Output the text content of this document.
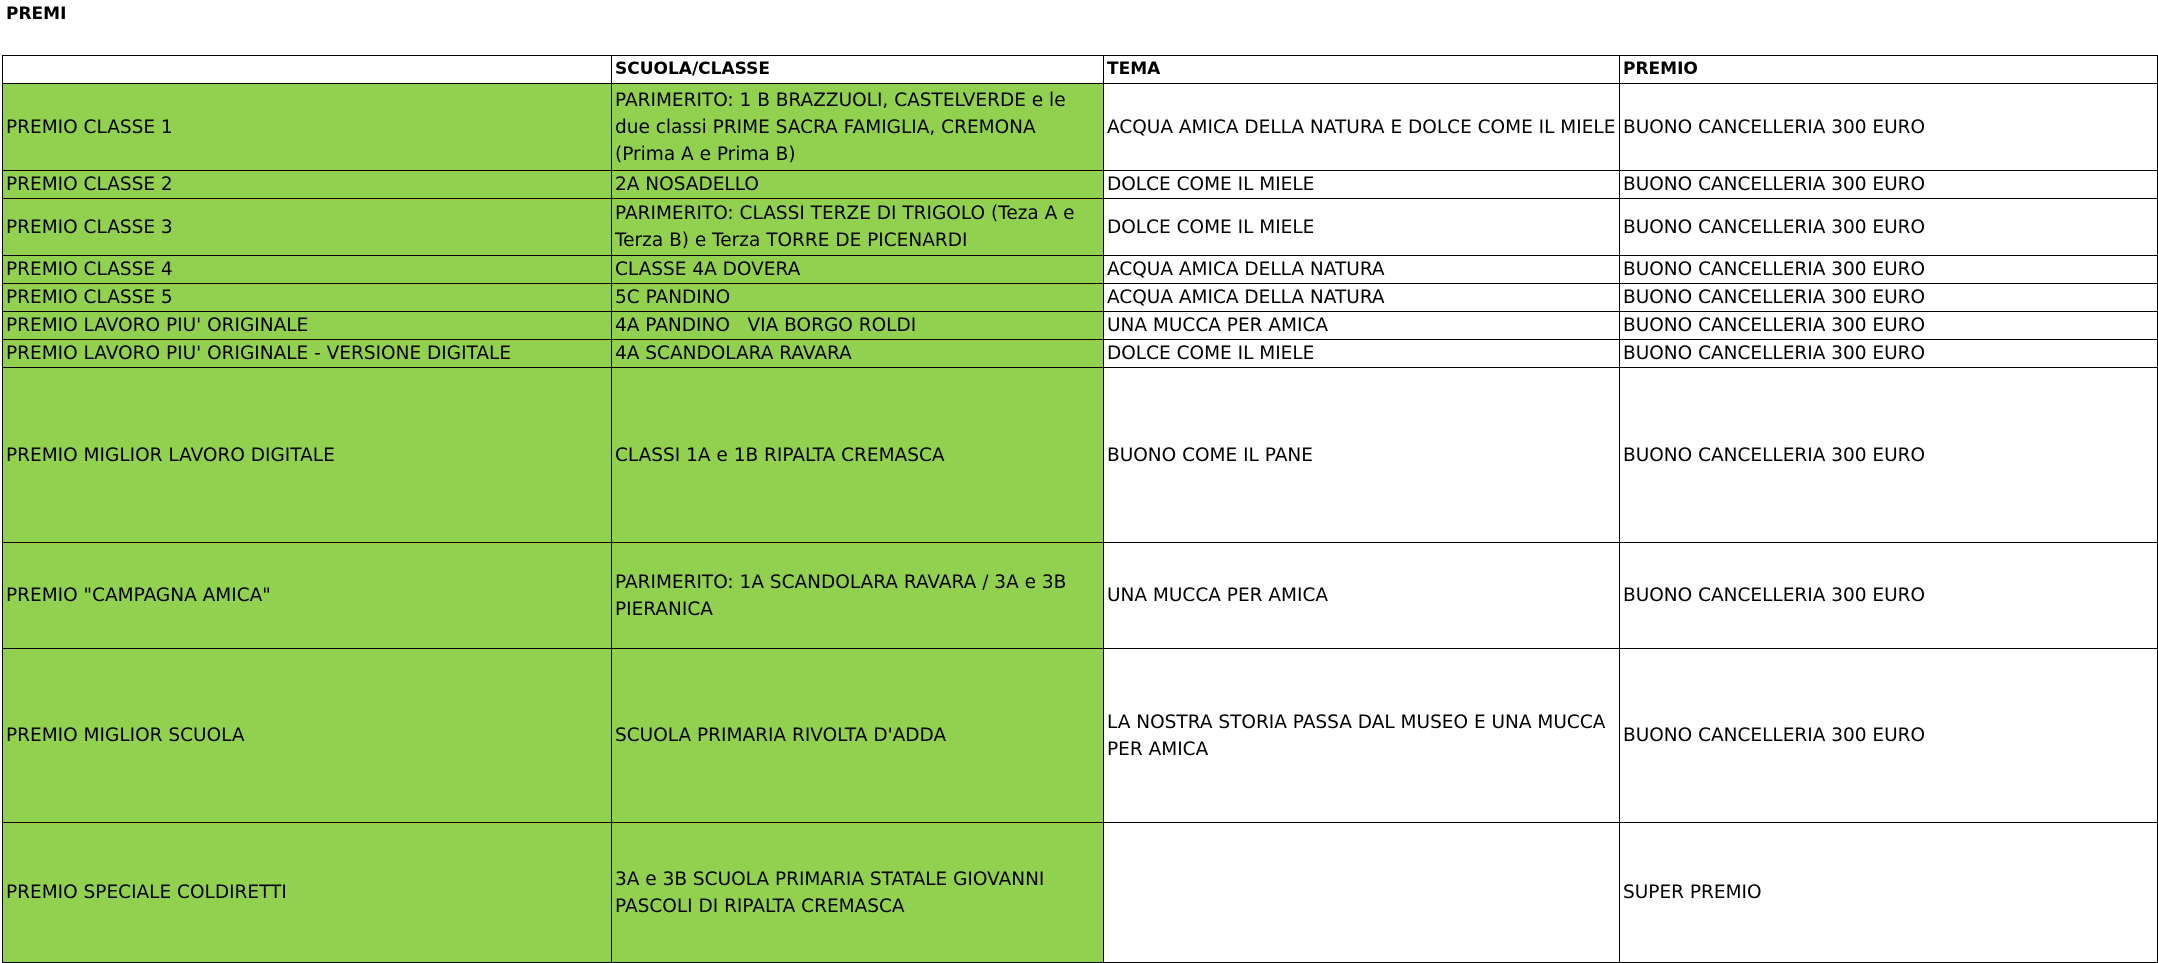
PREMI
	SCUOLA/CLASSE	TEMA	PREMIO
PREMIO CLASSE 1	PARIMERITO: 1 B BRAZZUOLI, CASTELVERDE e le due classi PRIME SACRA FAMIGLIA, CREMONA (Prima A e Prima B)	ACQUA AMICA DELLA NATURA E DOLCE COME IL MIELE	BUONO CANCELLERIA 300 EURO
PREMIO CLASSE 2	2A NOSADELLO	DOLCE COME IL MIELE	BUONO CANCELLERIA 300 EURO
PREMIO CLASSE 3	PARIMERITO: CLASSI TERZE DI TRIGOLO (Teza A e Terza B) e Terza TORRE DE PICENARDI	DOLCE COME IL MIELE	BUONO CANCELLERIA 300 EURO
PREMIO CLASSE 4	CLASSE 4A DOVERA	ACQUA AMICA DELLA NATURA	BUONO CANCELLERIA 300 EURO
PREMIO CLASSE 5	5C PANDINO	ACQUA AMICA DELLA NATURA	BUONO CANCELLERIA 300 EURO
PREMIO LAVORO PIU' ORIGINALE	4A PANDINO   VIA BORGO ROLDI	UNA MUCCA PER AMICA	BUONO CANCELLERIA 300 EURO
PREMIO LAVORO PIU' ORIGINALE - VERSIONE DIGITALE	4A SCANDOLARA RAVARA	DOLCE COME IL MIELE	BUONO CANCELLERIA 300 EURO
PREMIO MIGLIOR LAVORO DIGITALE	CLASSI 1A e 1B RIPALTA CREMASCA	BUONO COME IL PANE	BUONO CANCELLERIA 300 EURO
PREMIO "CAMPAGNA AMICA"	PARIMERITO: 1A SCANDOLARA RAVARA / 3A e 3B PIERANICA	UNA MUCCA PER AMICA	BUONO CANCELLERIA 300 EURO
PREMIO MIGLIOR SCUOLA	SCUOLA PRIMARIA RIVOLTA D'ADDA	LA NOSTRA STORIA PASSA DAL MUSEO E UNA MUCCA PER AMICA	BUONO CANCELLERIA 300 EURO
PREMIO SPECIALE COLDIRETTI	3A e 3B SCUOLA PRIMARIA STATALE GIOVANNI PASCOLI DI RIPALTA CREMASCA		SUPER PREMIO
